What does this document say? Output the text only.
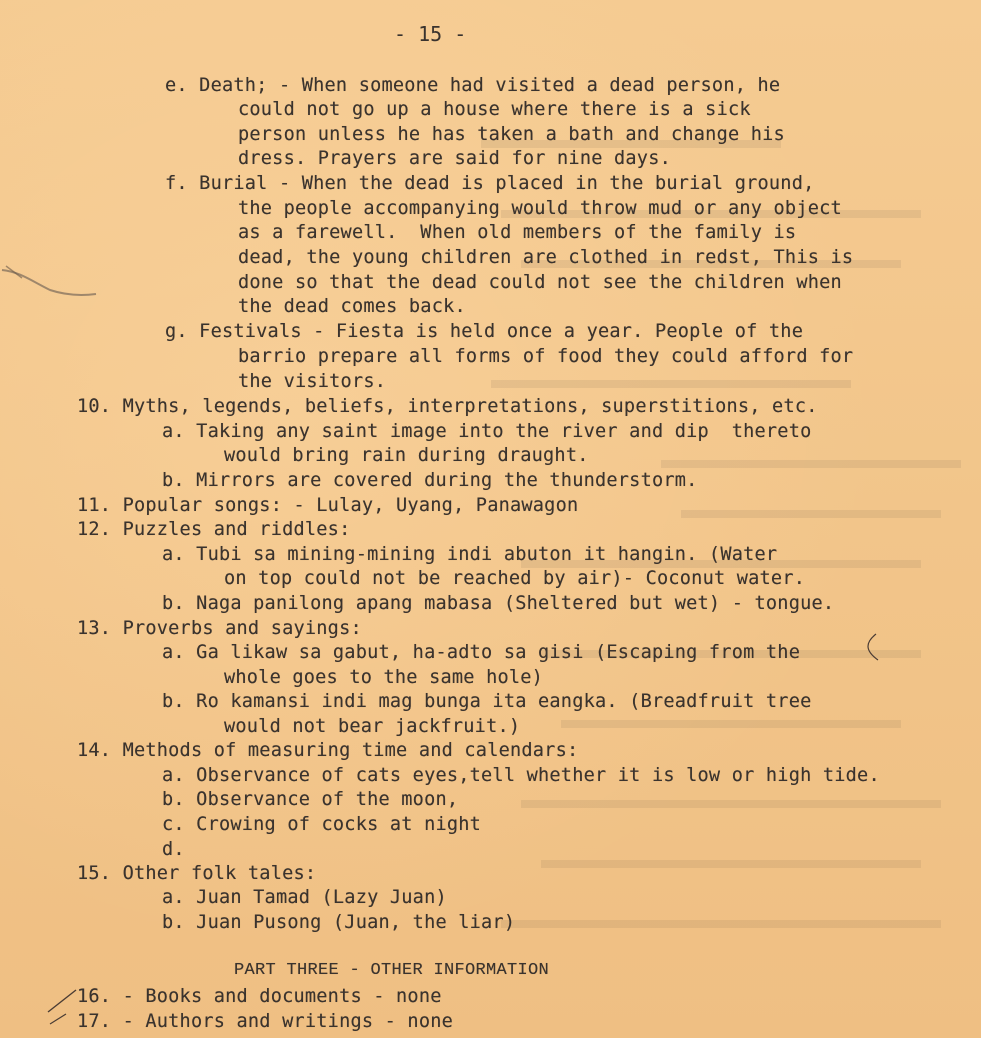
- 15 -
e. Death; - When someone had visited a dead person, he
could not go up a house where there is a sick
person unless he has taken a bath and change his
dress. Prayers are said for nine days.
f. Burial - When the dead is placed in the burial ground,
the people accompanying would throw mud or any object
as a farewell.  When old members of the family is
dead, the young children are clothed in redst, This is
done so that the dead could not see the children when
the dead comes back.
g. Festivals - Fiesta is held once a year. People of the
barrio prepare all forms of food they could afford for
the visitors.
10. Myths, legends, beliefs, interpretations, superstitions, etc.
a. Taking any saint image into the river and dip  thereto
would bring rain during draught.
b. Mirrors are covered during the thunderstorm.
11. Popular songs: - Lulay, Uyang, Panawagon
12. Puzzles and riddles:
a. Tubi sa mining-mining indi abuton it hangin. (Water
on top could not be reached by air)- Coconut water.
b. Naga panilong apang mabasa (Sheltered but wet) - tongue.
13. Proverbs and sayings:
a. Ga likaw sa gabut, ha-adto sa gisi (Escaping from the
whole goes to the same hole)
b. Ro kamansi indi mag bunga ita eangka. (Breadfruit tree
would not bear jackfruit.)
14. Methods of measuring time and calendars:
a. Observance of cats eyes,tell whether it is low or high tide.
b. Observance of the moon,
c. Crowing of cocks at night
d.
15. Other folk tales:
a. Juan Tamad (Lazy Juan)
b. Juan Pusong (Juan, the liar)
PART THREE - OTHER INFORMATION
16. - Books and documents - none
17. - Authors and writings - none
